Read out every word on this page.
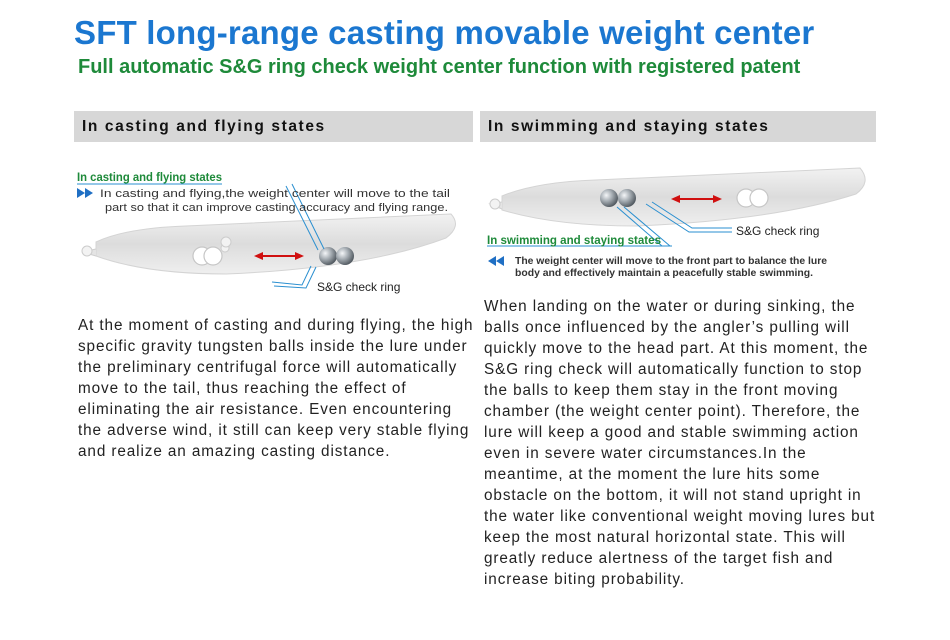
SFT long-range casting movable weight center
Full automatic S&G ring check weight center function with registered patent
In casting and flying states	In swimming and staying states
In casting and flying states
In casting and flying,the weight center will move to the tail
part so that it can improve casting accuracy and flying range.
S&G check ring
In swimming and staying states
The weight center will move to the front part to balance the lure
body and effectively maintain a peacefully stable swimming.
S&G check ring

At the moment of casting and during flying, the high specific gravity tungsten balls inside the lure under the preliminary centrifugal force will automatically move to the tail, thus reaching the effect of eliminating the air resistance. Even encountering the adverse wind, it still can keep very stable flying and realize an amazing casting distance.

When landing on the water or during sinking, the balls once influenced by the angler’s pulling will quickly move to the head part. At this moment, the S&G ring check will automatically function to stop the balls to keep them stay in the front moving chamber (the weight center point). Therefore, the lure will keep a good and stable swimming action even in severe water circumstances.In the meantime, at the moment the lure hits some obstacle on the bottom, it will not stand upright in the water like conventional weight moving lures but keep the most natural horizontal state. This will greatly reduce alertness of the target fish and increase biting probability.
